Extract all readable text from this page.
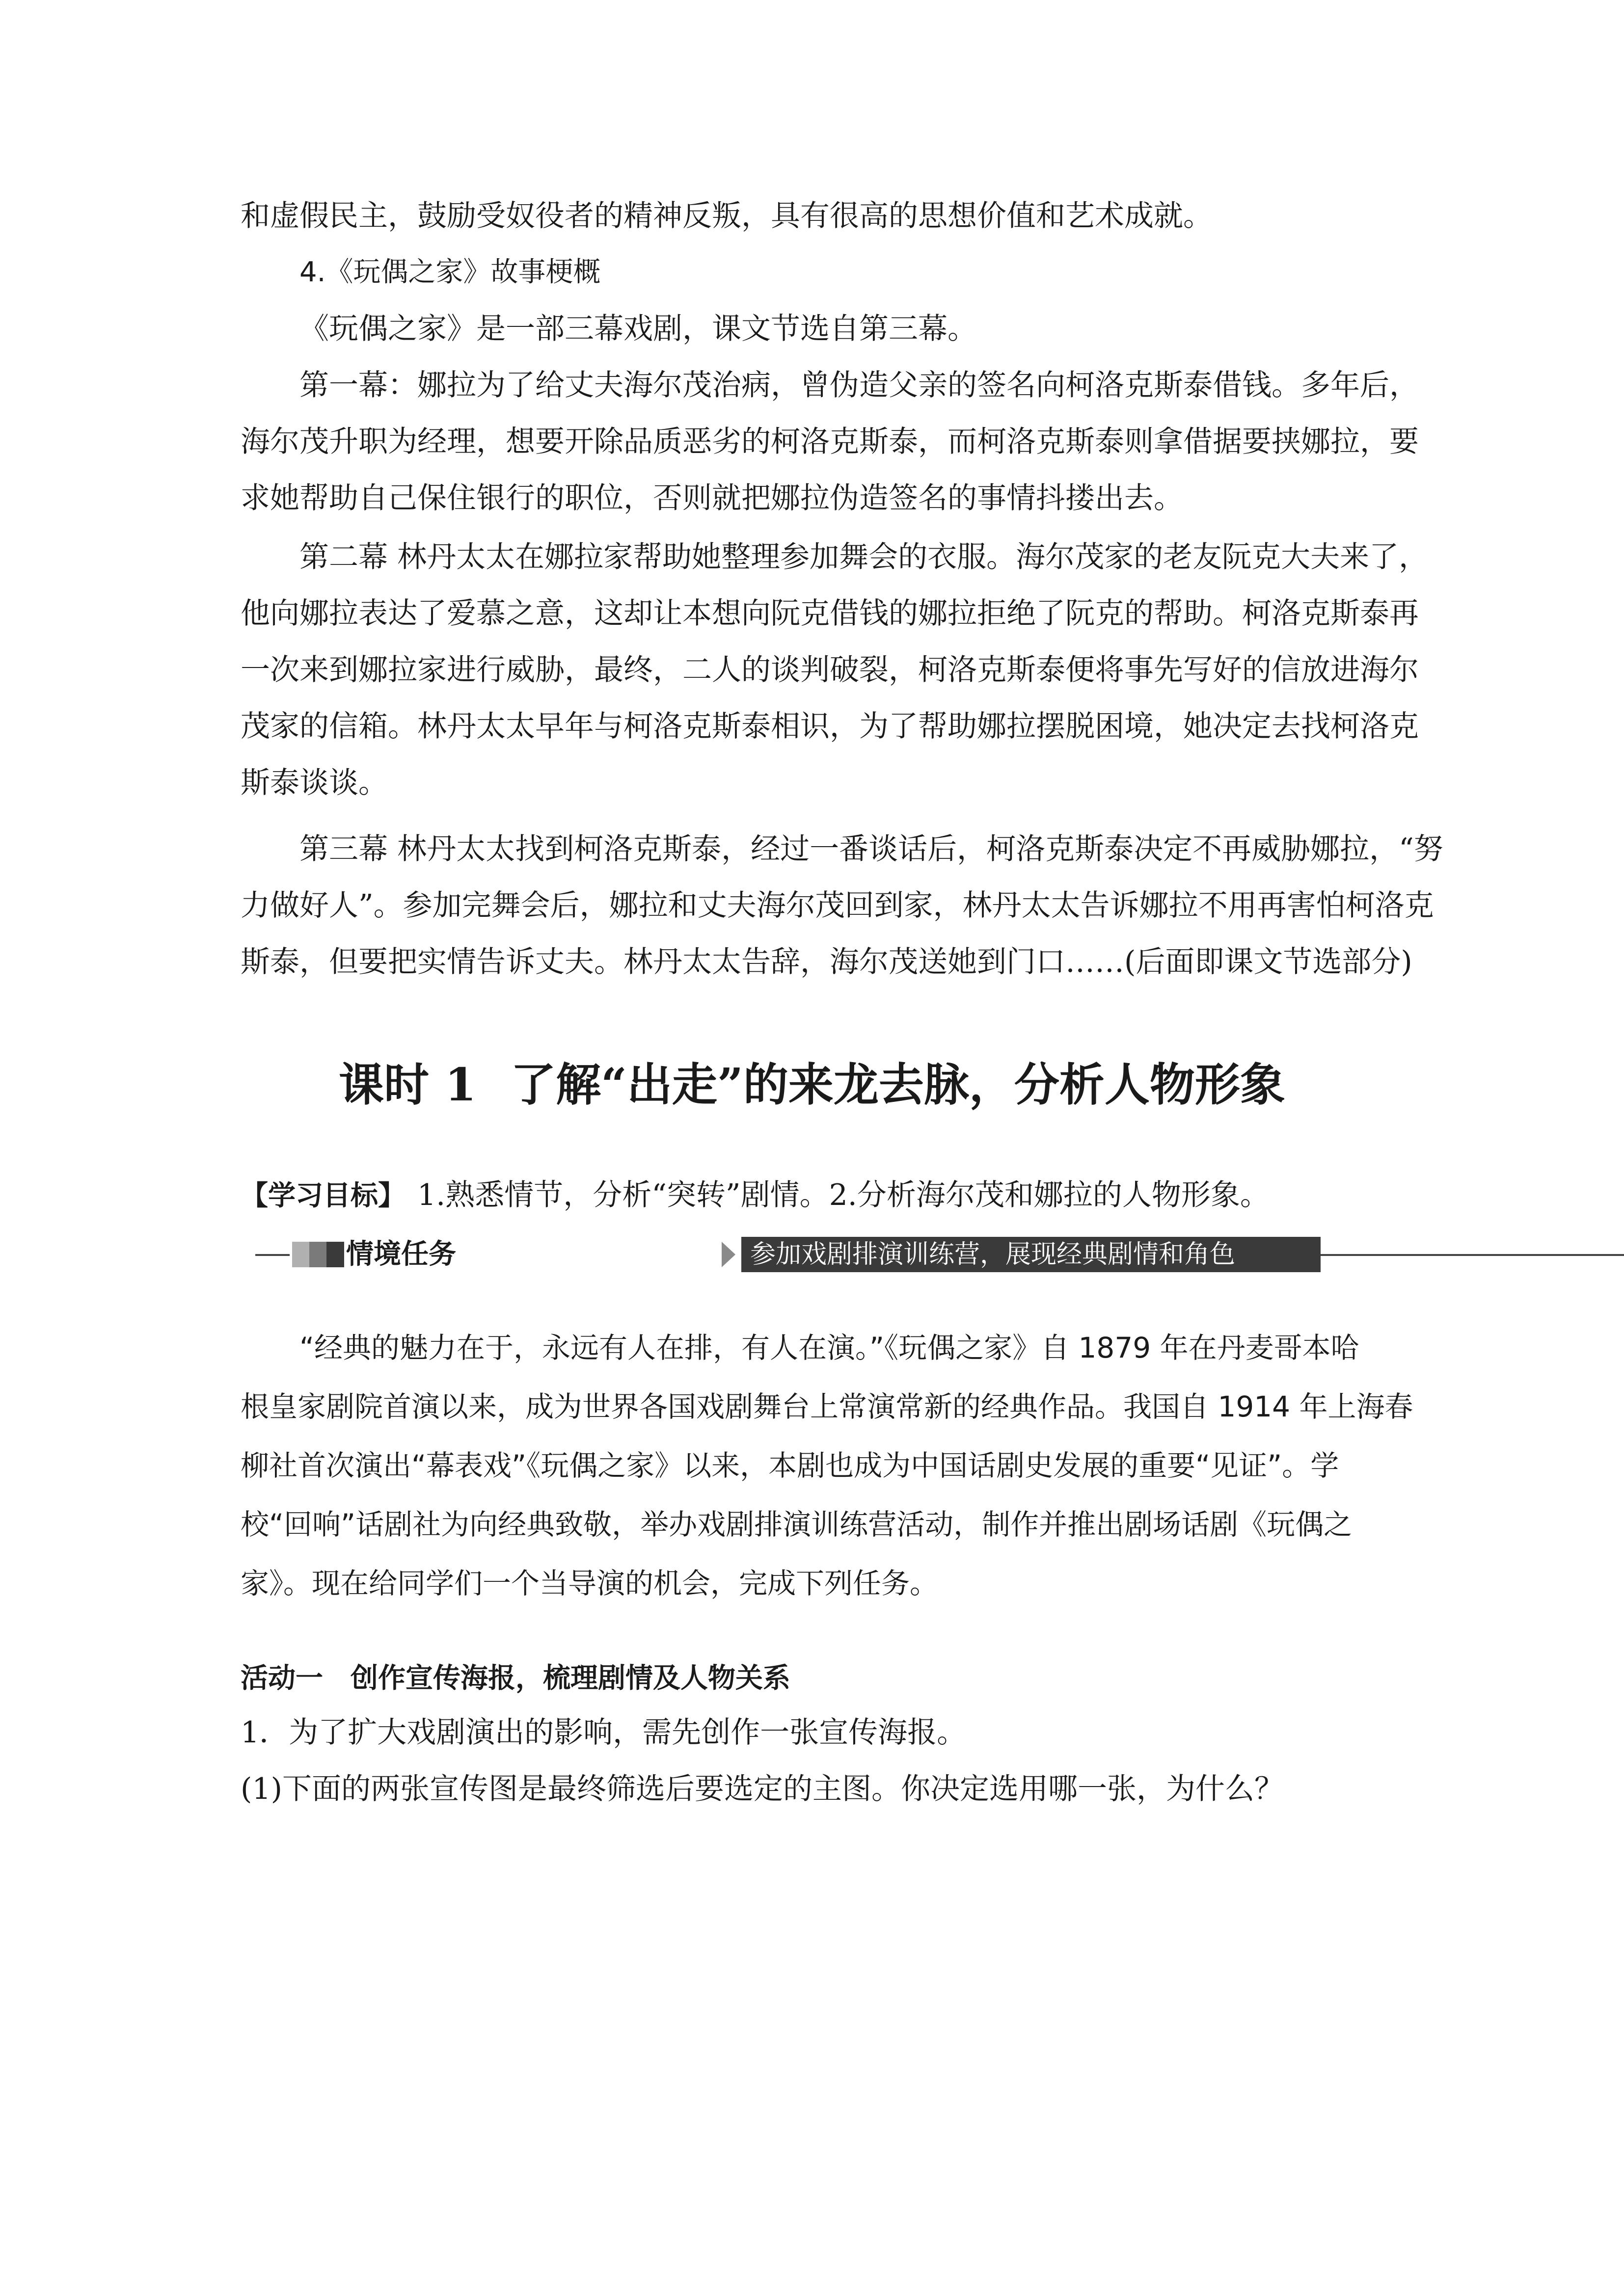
和虚假民主，鼓励受奴役者的精神反叛，具有很高的思想价值和艺术成就。

4.《玩偶之家》故事梗概

《玩偶之家》是一部三幕戏剧，课文节选自第三幕。

第一幕：娜拉为了给丈夫海尔茂治病，曾伪造父亲的签名向柯洛克斯泰借钱。多年后，

海尔茂升职为经理，想要开除品质恶劣的柯洛克斯泰，而柯洛克斯泰则拿借据要挟娜拉，要

求她帮助自己保住银行的职位，否则就把娜拉伪造签名的事情抖搂出去。

第二幕 林丹太太在娜拉家帮助她整理参加舞会的衣服。海尔茂家的老友阮克大夫来了，

他向娜拉表达了爱慕之意，这却让本想向阮克借钱的娜拉拒绝了阮克的帮助。柯洛克斯泰再

一次来到娜拉家进行威胁，最终，二人的谈判破裂，柯洛克斯泰便将事先写好的信放进海尔

茂家的信箱。林丹太太早年与柯洛克斯泰相识，为了帮助娜拉摆脱困境，她决定去找柯洛克

斯泰谈谈。

第三幕 林丹太太找到柯洛克斯泰，经过一番谈话后，柯洛克斯泰决定不再威胁娜拉，“努

力做好人”。参加完舞会后，娜拉和丈夫海尔茂回到家，林丹太太告诉娜拉不用再害怕柯洛克

斯泰，但要把实情告诉丈夫。林丹太太告辞，海尔茂送她到门口……(后面即课文节选部分)

课时 1 了解“出走”的来龙去脉，分析人物形象

【学习目标】 1.熟悉情节，分析“突转”剧情。2.分析海尔茂和娜拉的人物形象。

情境任务	参加戏剧排演训练营，展现经典剧情和角色

“经典的魅力在于，永远有人在排，有人在演。”《玩偶之家》自 1879 年在丹麦哥本哈

根皇家剧院首演以来，成为世界各国戏剧舞台上常演常新的经典作品。我国自 1914 年上海春

柳社首次演出“幕表戏”《玩偶之家》以来，本剧也成为中国话剧史发展的重要“见证”。学

校“回响”话剧社为向经典致敬，举办戏剧排演训练营活动，制作并推出剧场话剧《玩偶之

家》。现在给同学们一个当导演的机会，完成下列任务。

活动一　创作宣传海报，梳理剧情及人物关系

1．为了扩大戏剧演出的影响，需先创作一张宣传海报。

(1)下面的两张宣传图是最终筛选后要选定的主图。你决定选用哪一张，为什么？
